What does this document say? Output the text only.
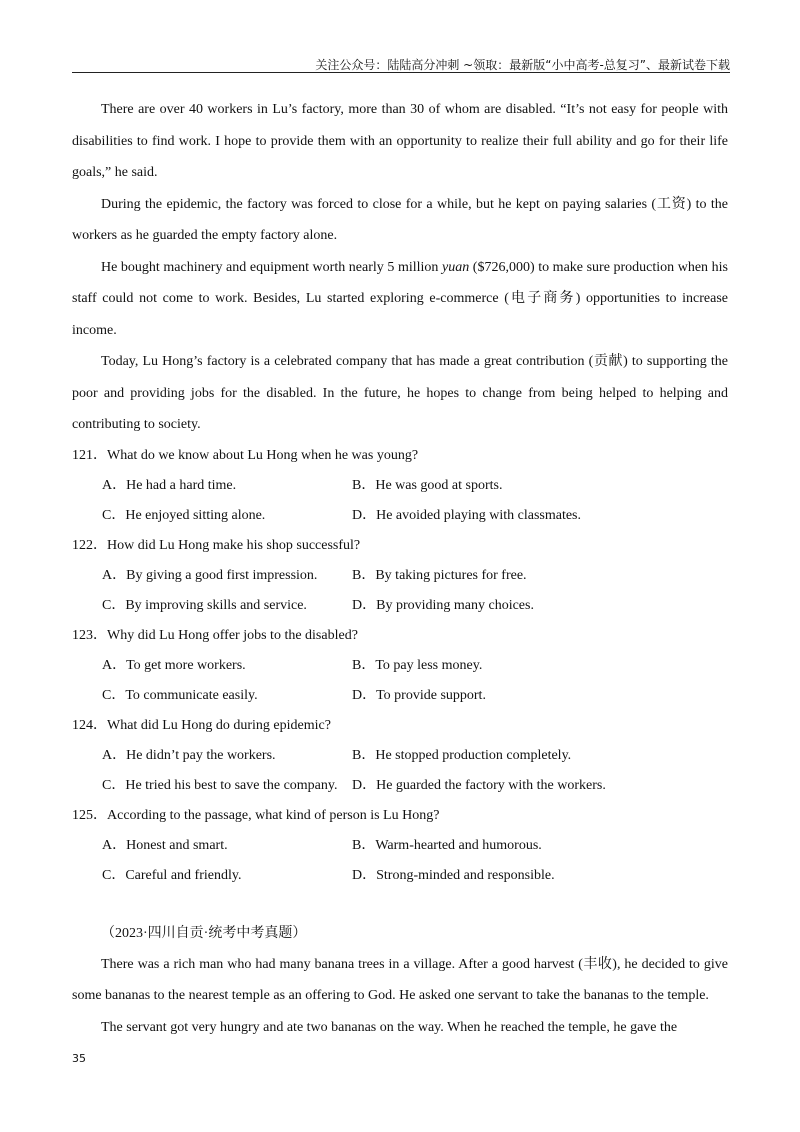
关注公众号：陆陆高分冲刺 ~领取：最新版“小中高考-总复习”、最新试卷下载

There are over 40 workers in Lu’s factory, more than 30 of whom are disabled. “It’s not easy for people with disabilities to find work. I hope to provide them with an opportunity to realize their full ability and go for their life goals,” he said.

During the epidemic, the factory was forced to close for a while, but he kept on paying salaries (工资) to the workers as he guarded the empty factory alone.

He bought machinery and equipment worth nearly 5 million yuan ($726,000) to make sure production when his staff could not come to work. Besides, Lu started exploring e-commerce (电子商务) opportunities to increase income.

Today, Lu Hong’s factory is a celebrated company that has made a great contribution (贡献) to supporting the poor and providing jobs for the disabled. In the future, he hopes to change from being helped to helping and contributing to society.

121．What do we know about Lu Hong when he was young?

A．He had a hard time.	B．He was good at sports.
C．He enjoyed sitting alone.	D．He avoided playing with classmates.

122．How did Lu Hong make his shop successful?

A．By giving a good first impression.	B．By taking pictures for free.
C．By improving skills and service.	D．By providing many choices.

123．Why did Lu Hong offer jobs to the disabled?

A．To get more workers.	B．To pay less money.
C．To communicate easily.	D．To provide support.

124．What did Lu Hong do during epidemic?

A．He didn’t pay the workers.	B．He stopped production completely.
C．He tried his best to save the company.	D．He guarded the factory with the workers.

125．According to the passage, what kind of person is Lu Hong?

A．Honest and smart.	B．Warm-hearted and humorous.
C．Careful and friendly.	D．Strong-minded and responsible.

（2023·四川自贡·统考中考真题）

There was a rich man who had many banana trees in a village. After a good harvest (丰收), he decided to give some bananas to the nearest temple as an offering to God. He asked one servant to take the bananas to the temple.

The servant got very hungry and ate two bananas on the way. When he reached the temple, he gave the

35
